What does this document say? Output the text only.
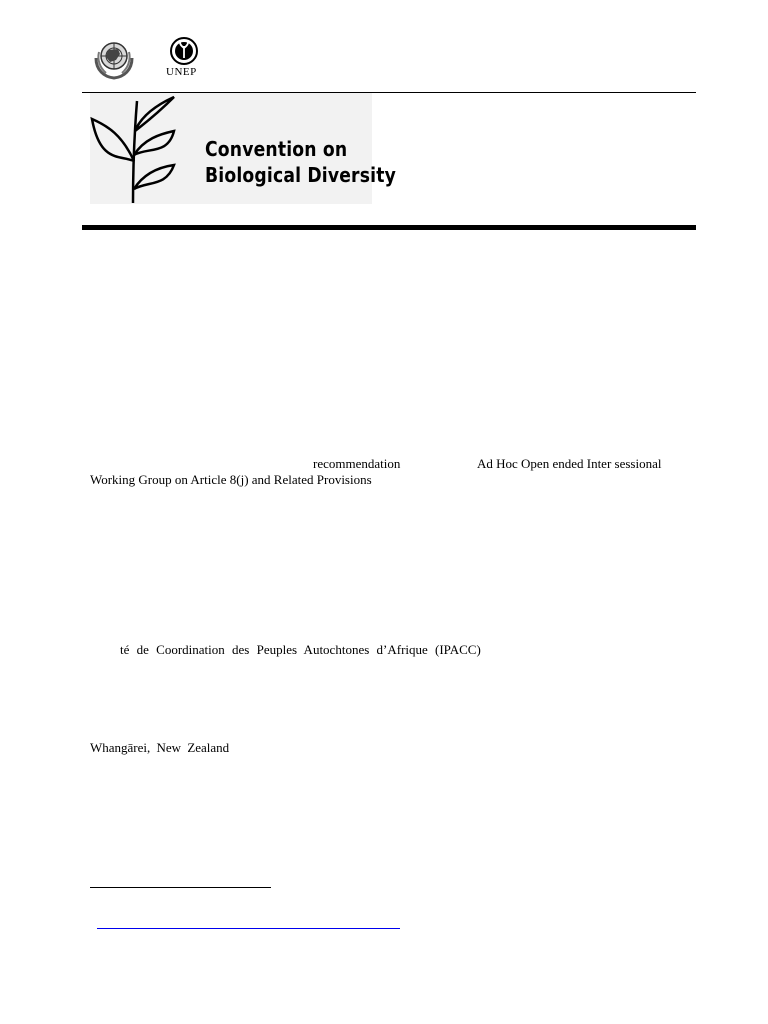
UNEP
Convention on
Biological Diversity
recommendation	Ad Hoc Open ended Inter sessional
Working Group on Article 8(j) and Related Provisions
té de Coordination des Peuples Autochtones d’Afrique (IPACC)
Whangārei, New Zealand
